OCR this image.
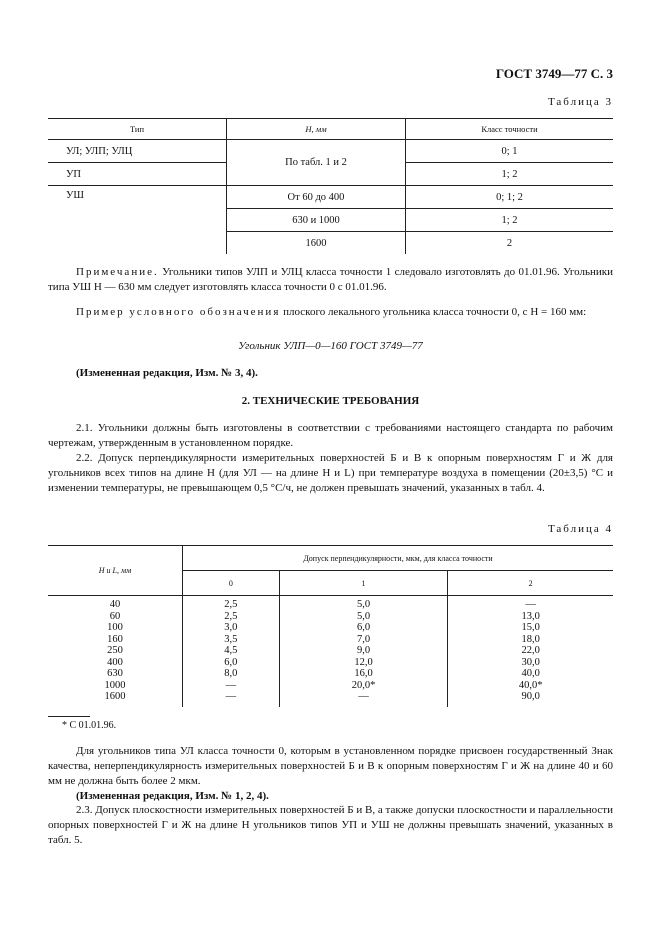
ГОСТ 3749—77 С. 3
Таблица 3
Тип	H, мм	Класс точности
УЛ; УЛП; УЛЦ	По табл. 1 и 2	0; 1
УП		1; 2
УШ	От 60 до 400	0; 1; 2
	630 и 1000	1; 2
	1600	2

Примечание. Угольники типов УЛП и УЛЦ класса точности 1 следовало изготовлять до 01.01.96. Угольники типа УШ H — 630 мм следует изготовлять класса точности 0 с 01.01.96.

Пример условного обозначения плоского лекального угольника класса точности 0, с H = 160 мм:

Угольник УЛП—0—160 ГОСТ 3749—77
(Измененная редакция, Изм. № 3, 4).
2. ТЕХНИЧЕСКИЕ ТРЕБОВАНИЯ

2.1. Угольники должны быть изготовлены в соответствии с требованиями настоящего стандарта по рабочим чертежам, утвержденным в установленном порядке.

2.2. Допуск перпендикулярности измерительных поверхностей Б и В к опорным поверхностям Г и Ж для угольников всех типов на длине H (для УЛ — на длине H и L) при температуре воздуха в помещении (20±3,5) °С и изменении температуры, не превышающем 0,5 °С/ч, не должен превышать значений, указанных в табл. 4.

Таблица 4
H и L, мм	Допуск перпендикулярности, мкм, для класса точности		
	0	1	2
40	2,5	5,0	—
60	2,5	5,0	13,0
100	3,0	6,0	15,0
160	3,5	7,0	18,0
250	4,5	9,0	22,0
400	6,0	12,0	30,0
630	8,0	16,0	40,0
1000	—	20,0*	40,0*
1600	—	—	90,0
* С 01.01.96.

Для угольников типа УЛ класса точности 0, которым в установленном порядке присвоен государственный Знак качества, неперпендикулярность измерительных поверхностей Б и В к опорным поверхностям Г и Ж на длине 40 и 60 мм не должна быть более 2 мкм.

(Измененная редакция, Изм. № 1, 2, 4).

2.3. Допуск плоскостности измерительных поверхностей Б и В, а также допуски плоскостности и параллельности опорных поверхностей Г и Ж на длине H угольников типов УП и УШ не должны превышать значений, указанных в табл. 5.
